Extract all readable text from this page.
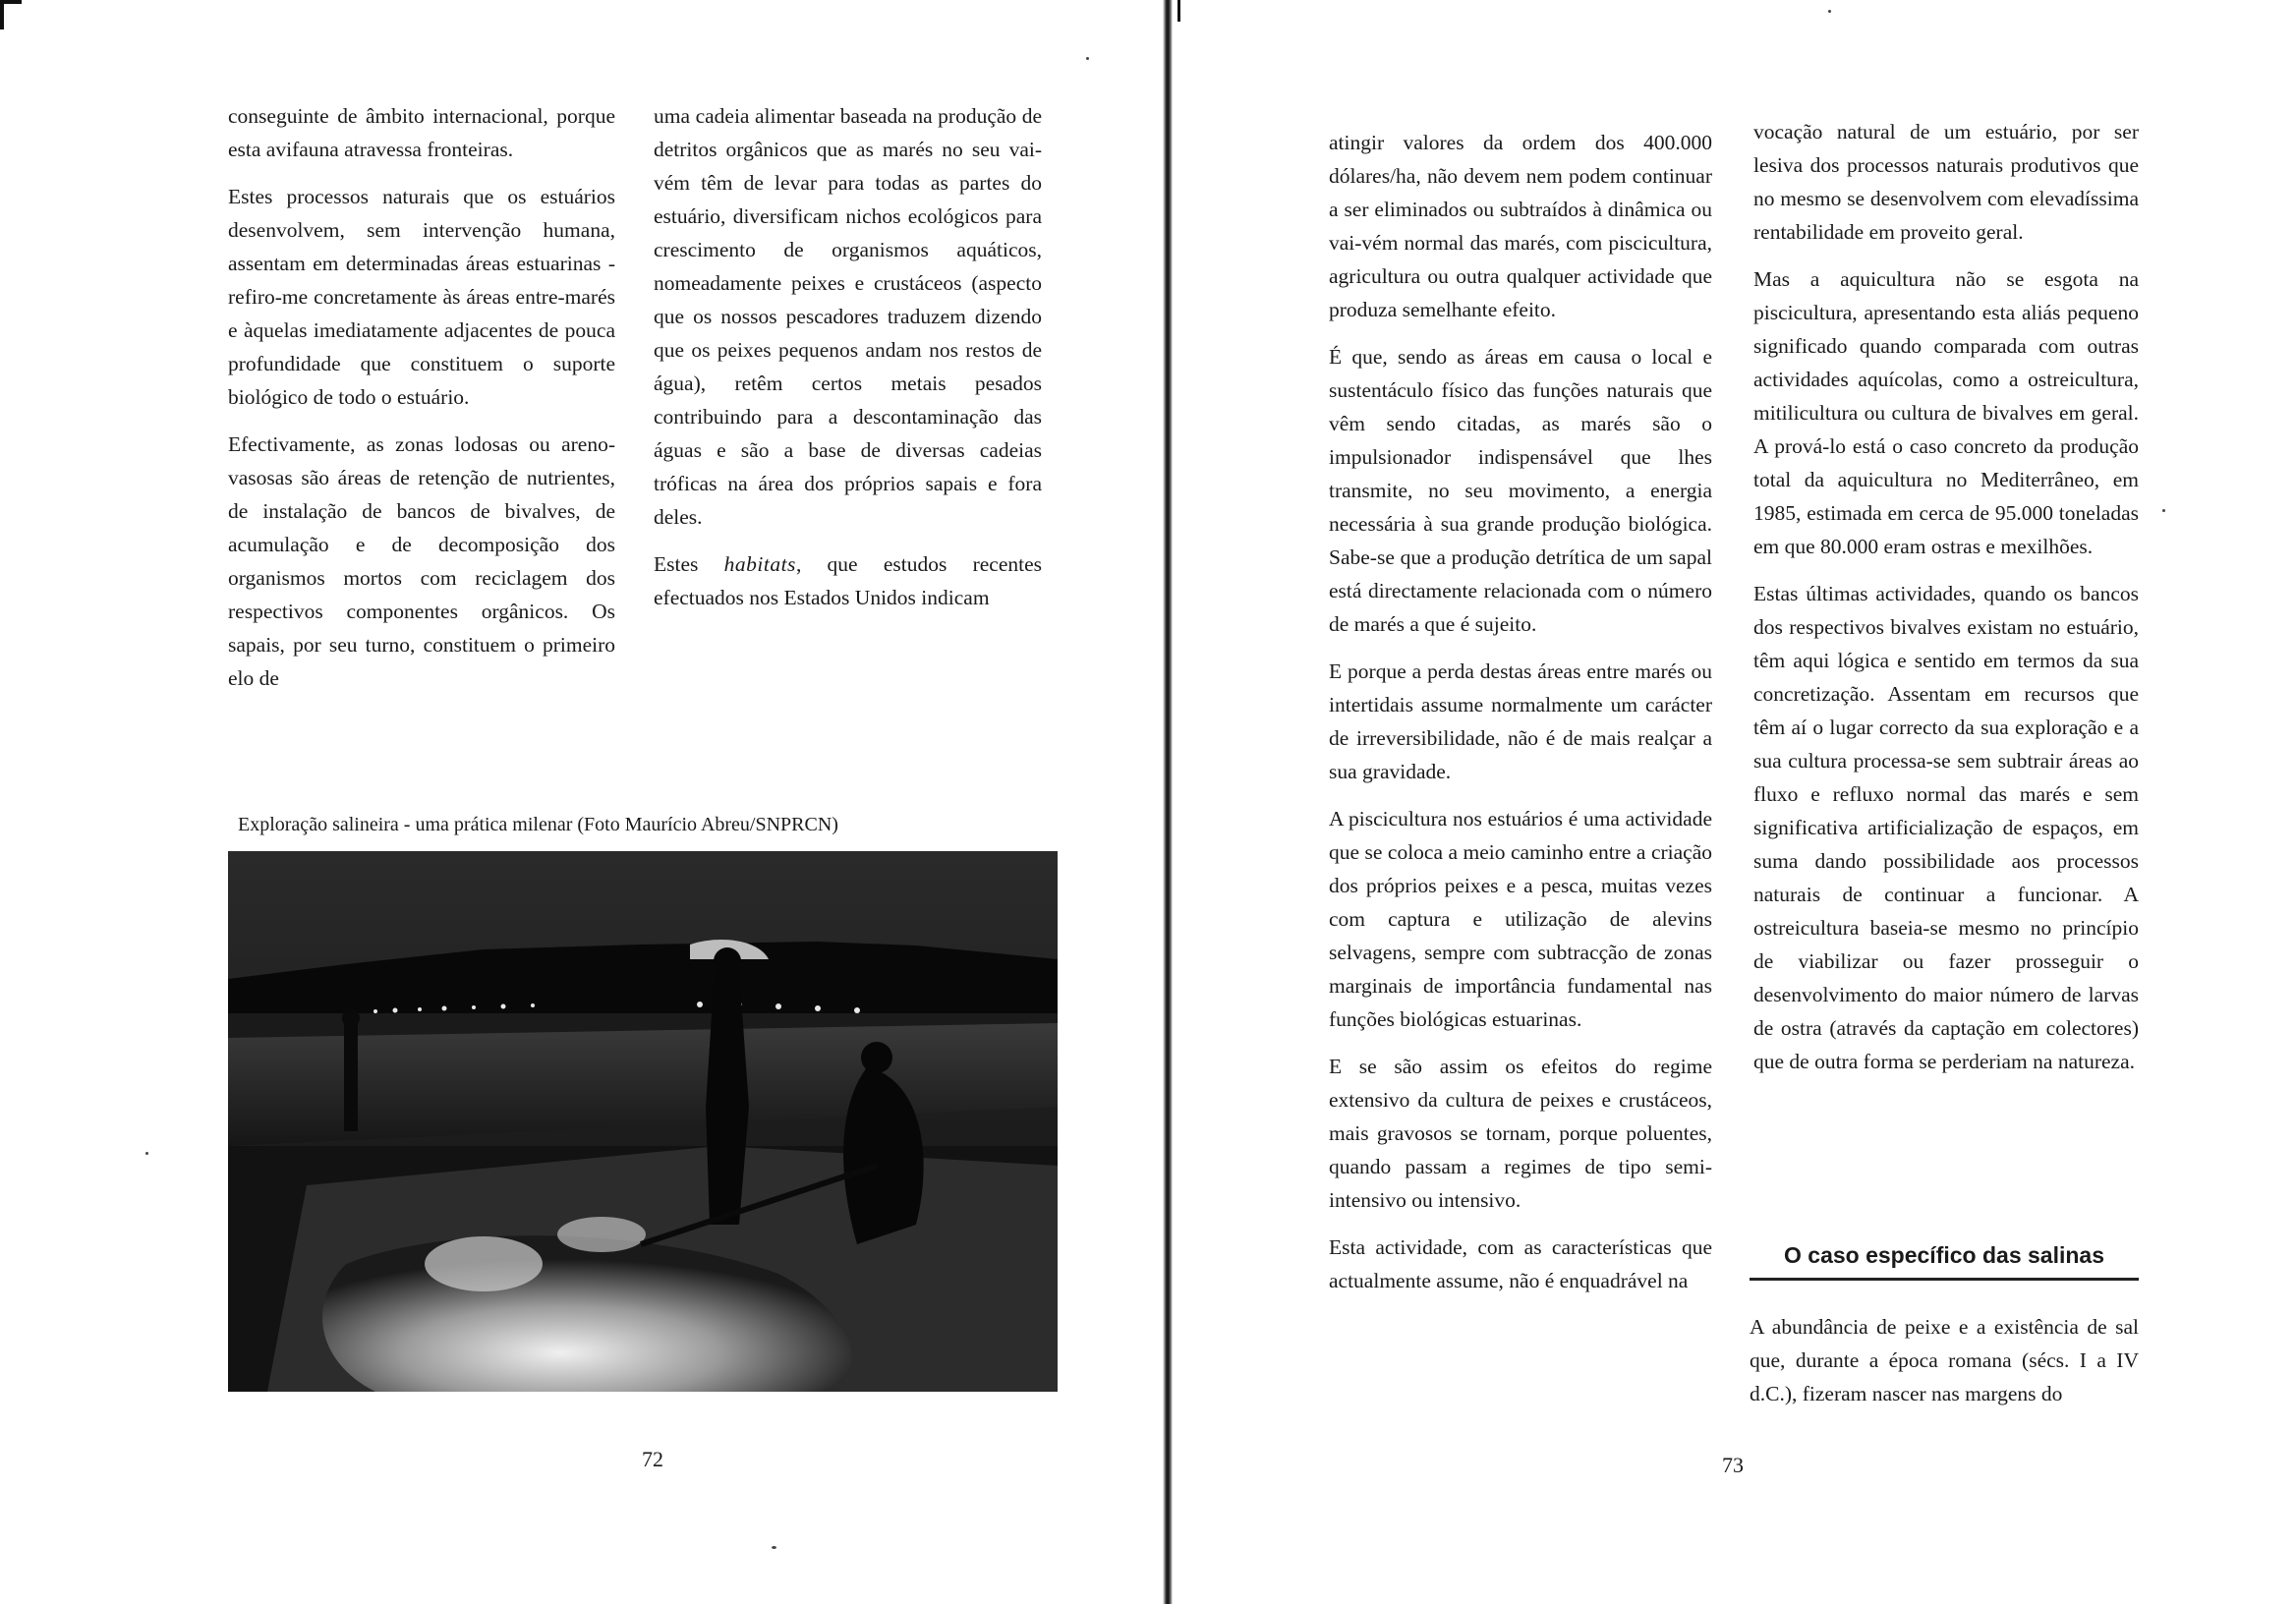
conseguinte de âmbito internacional, porque esta avifauna atravessa fronteiras.

Estes processos naturais que os estuários desenvolvem, sem intervenção humana, assentam em determinadas áreas estuarinas - refiro-me concretamente às áreas entre-marés e àquelas imediatamente adjacentes de pouca profundidade que constituem o suporte biológico de todo o estuário.

Efectivamente, as zonas lodosas ou areno-vasosas são áreas de retenção de nutrientes, de instalação de bancos de bivalves, de acumulação e de decomposição dos organismos mortos com reciclagem dos respectivos componentes orgânicos. Os sapais, por seu turno, constituem o primeiro elo de

uma cadeia alimentar baseada na produção de detritos orgânicos que as marés no seu vai-vém têm de levar para todas as partes do estuário, diversificam nichos ecológicos para crescimento de organismos aquáticos, nomeadamente peixes e crustáceos (aspecto que os nossos pescadores traduzem dizendo que os peixes pequenos andam nos restos de água), retêm certos metais pesados contribuindo para a descontaminação das águas e são a base de diversas cadeias tróficas na área dos próprios sapais e fora deles.

Estes habitats, que estudos recentes efectuados nos Estados Unidos indicam

Exploração salineira - uma prática milenar (Foto Maurício Abreu/SNPRCN)
72

atingir valores da ordem dos 400.000 dólares/ha, não devem nem podem continuar a ser eliminados ou subtraídos à dinâmica ou vai-vém normal das marés, com piscicultura, agricultura ou outra qualquer actividade que produza semelhante efeito.

É que, sendo as áreas em causa o local e sustentáculo físico das funções naturais que vêm sendo citadas, as marés são o impulsionador indispensável que lhes transmite, no seu movimento, a energia necessária à sua grande produção biológica. Sabe-se que a produção detrítica de um sapal está directamente relacionada com o número de marés a que é sujeito.

E porque a perda destas áreas entre marés ou intertidais assume normalmente um carácter de irreversibilidade, não é de mais realçar a sua gravidade.

A piscicultura nos estuários é uma actividade que se coloca a meio caminho entre a criação dos próprios peixes e a pesca, muitas vezes com captura e utilização de alevins selvagens, sempre com subtracção de zonas marginais de importância fundamental nas funções biológicas estuarinas.

E se são assim os efeitos do regime extensivo da cultura de peixes e crustáceos, mais gravosos se tornam, porque poluentes, quando passam a regimes de tipo semi-intensivo ou intensivo.

Esta actividade, com as características que actualmente assume, não é enquadrável na

vocação natural de um estuário, por ser lesiva dos processos naturais produtivos que no mesmo se desenvolvem com elevadíssima rentabilidade em proveito geral.

Mas a aquicultura não se esgota na piscicultura, apresentando esta aliás pequeno significado quando comparada com outras actividades aquícolas, como a ostreicultura, mitilicultura ou cultura de bivalves em geral. A prová-lo está o caso concreto da produção total da aquicultura no Mediterrâneo, em 1985, estimada em cerca de 95.000 toneladas em que 80.000 eram ostras e mexilhões.

Estas últimas actividades, quando os bancos dos respectivos bivalves existam no estuário, têm aqui lógica e sentido em termos da sua concretização. Assentam em recursos que têm aí o lugar correcto da sua exploração e a sua cultura processa-se sem subtrair áreas ao fluxo e refluxo normal das marés e sem significativa artificialização de espaços, em suma dando possibilidade aos processos naturais de continuar a funcionar. A ostreicultura baseia-se mesmo no princípio de viabilizar ou fazer prosseguir o desenvolvimento do maior número de larvas de ostra (através da captação em colectores) que de outra forma se perderiam na natureza.

O caso específico das salinas

A abundância de peixe e a existência de sal que, durante a época romana (sécs. I a IV d.C.), fizeram nascer nas margens do

73
